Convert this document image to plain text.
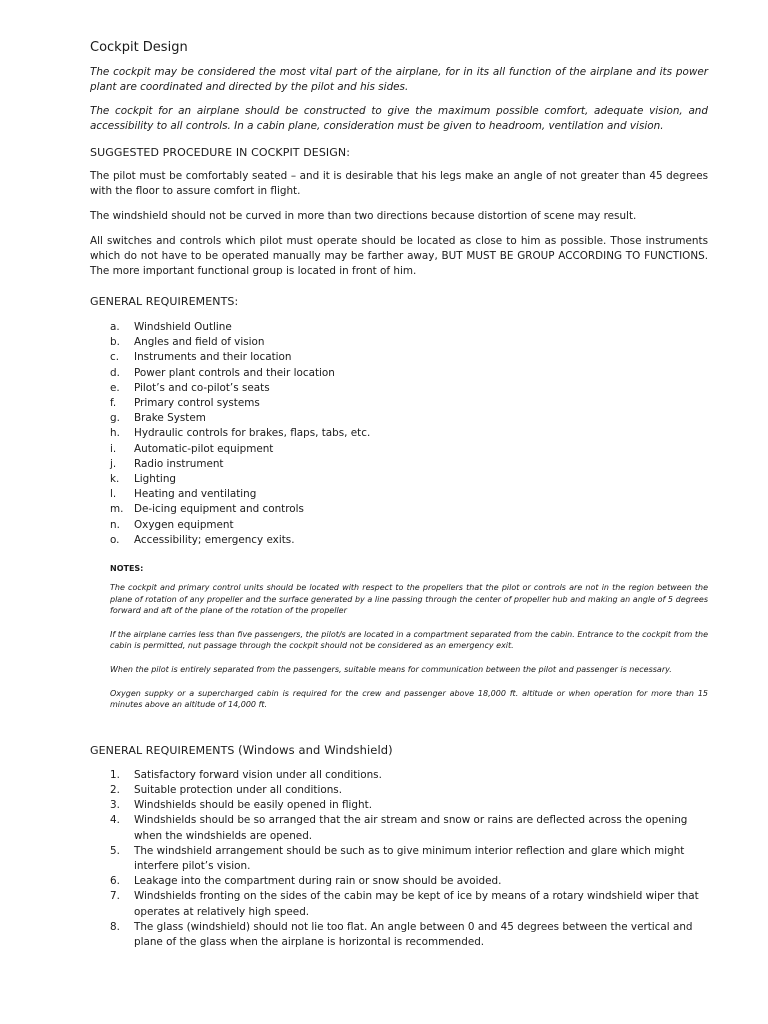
Cockpit Design

The cockpit may be considered the most vital part of the airplane, for in its all function of the airplane and its power plant are coordinated and directed by the pilot and his sides.

The cockpit for an airplane should be constructed to give the maximum possible comfort, adequate vision, and accessibility to all controls. In a cabin plane, consideration must be given to headroom, ventilation and vision.

SUGGESTED PROCEDURE IN COCKPIT DESIGN:

The pilot must be comfortably seated – and it is desirable that his legs make an angle of not greater than 45 degrees with the floor to assure comfort in flight.

The windshield should not be curved in more than two directions because distortion of scene may result.

All switches and controls which pilot must operate should be located as close to him as possible. Those instruments which do not have to be operated manually may be farther away, BUT MUST BE GROUP ACCORDING TO FUNCTIONS. The more important functional group is located in front of him.

GENERAL REQUIREMENTS:
a.	Windshield Outline
b.	Angles and field of vision
c.	Instruments and their location
d.	Power plant controls and their location
e.	Pilot’s and co-pilot’s seats
f.	Primary control systems
g.	Brake System
h.	Hydraulic controls for brakes, flaps, tabs, etc.
i.	Automatic-pilot equipment
j.	Radio instrument
k.	Lighting
l.	Heating and ventilating
m.	De-icing equipment and controls
n.	Oxygen equipment
o.	Accessibility; emergency exits.
NOTES:

The cockpit and primary control units should be located with respect to the propellers that the pilot or controls are not in the region between the plane of rotation of any propeller and the surface generated by a line passing through the center of propeller hub and making an angle of 5 degrees forward and aft of the plane of the rotation of the propeller

If the airplane carries less than five passengers, the pilot/s are located in a compartment separated from the cabin. Entrance to the cockpit from the cabin is permitted, nut passage through the cockpit should not be considered as an emergency exit.

When the pilot is entirely separated from the passengers, suitable means for communication between the pilot and passenger is necessary.

Oxygen suppky or a supercharged cabin is required for the crew and passenger above 18,000 ft. altitude or when operation for more than 15 minutes above an altitude of 14,000 ft.

GENERAL REQUIREMENTS (Windows and Windshield)
1.	Satisfactory forward vision under all conditions.
2.	Suitable protection under all conditions.
3.	Windshields should be easily opened in flight.
4.	Windshields should be so arranged that the air stream and snow or rains are deflected across the opening when the windshields are opened.
5.	The windshield arrangement should be such as to give minimum interior reflection and glare which might interfere pilot’s vision.
6.	Leakage into the compartment during rain or snow should be avoided.
7.	Windshields fronting on the sides of the cabin may be kept of ice by means of a rotary windshield wiper that operates at relatively high speed.
8.	The glass (windshield) should not lie too flat. An angle between 0 and 45 degrees between the vertical and plane of the glass when the airplane is horizontal is recommended.
